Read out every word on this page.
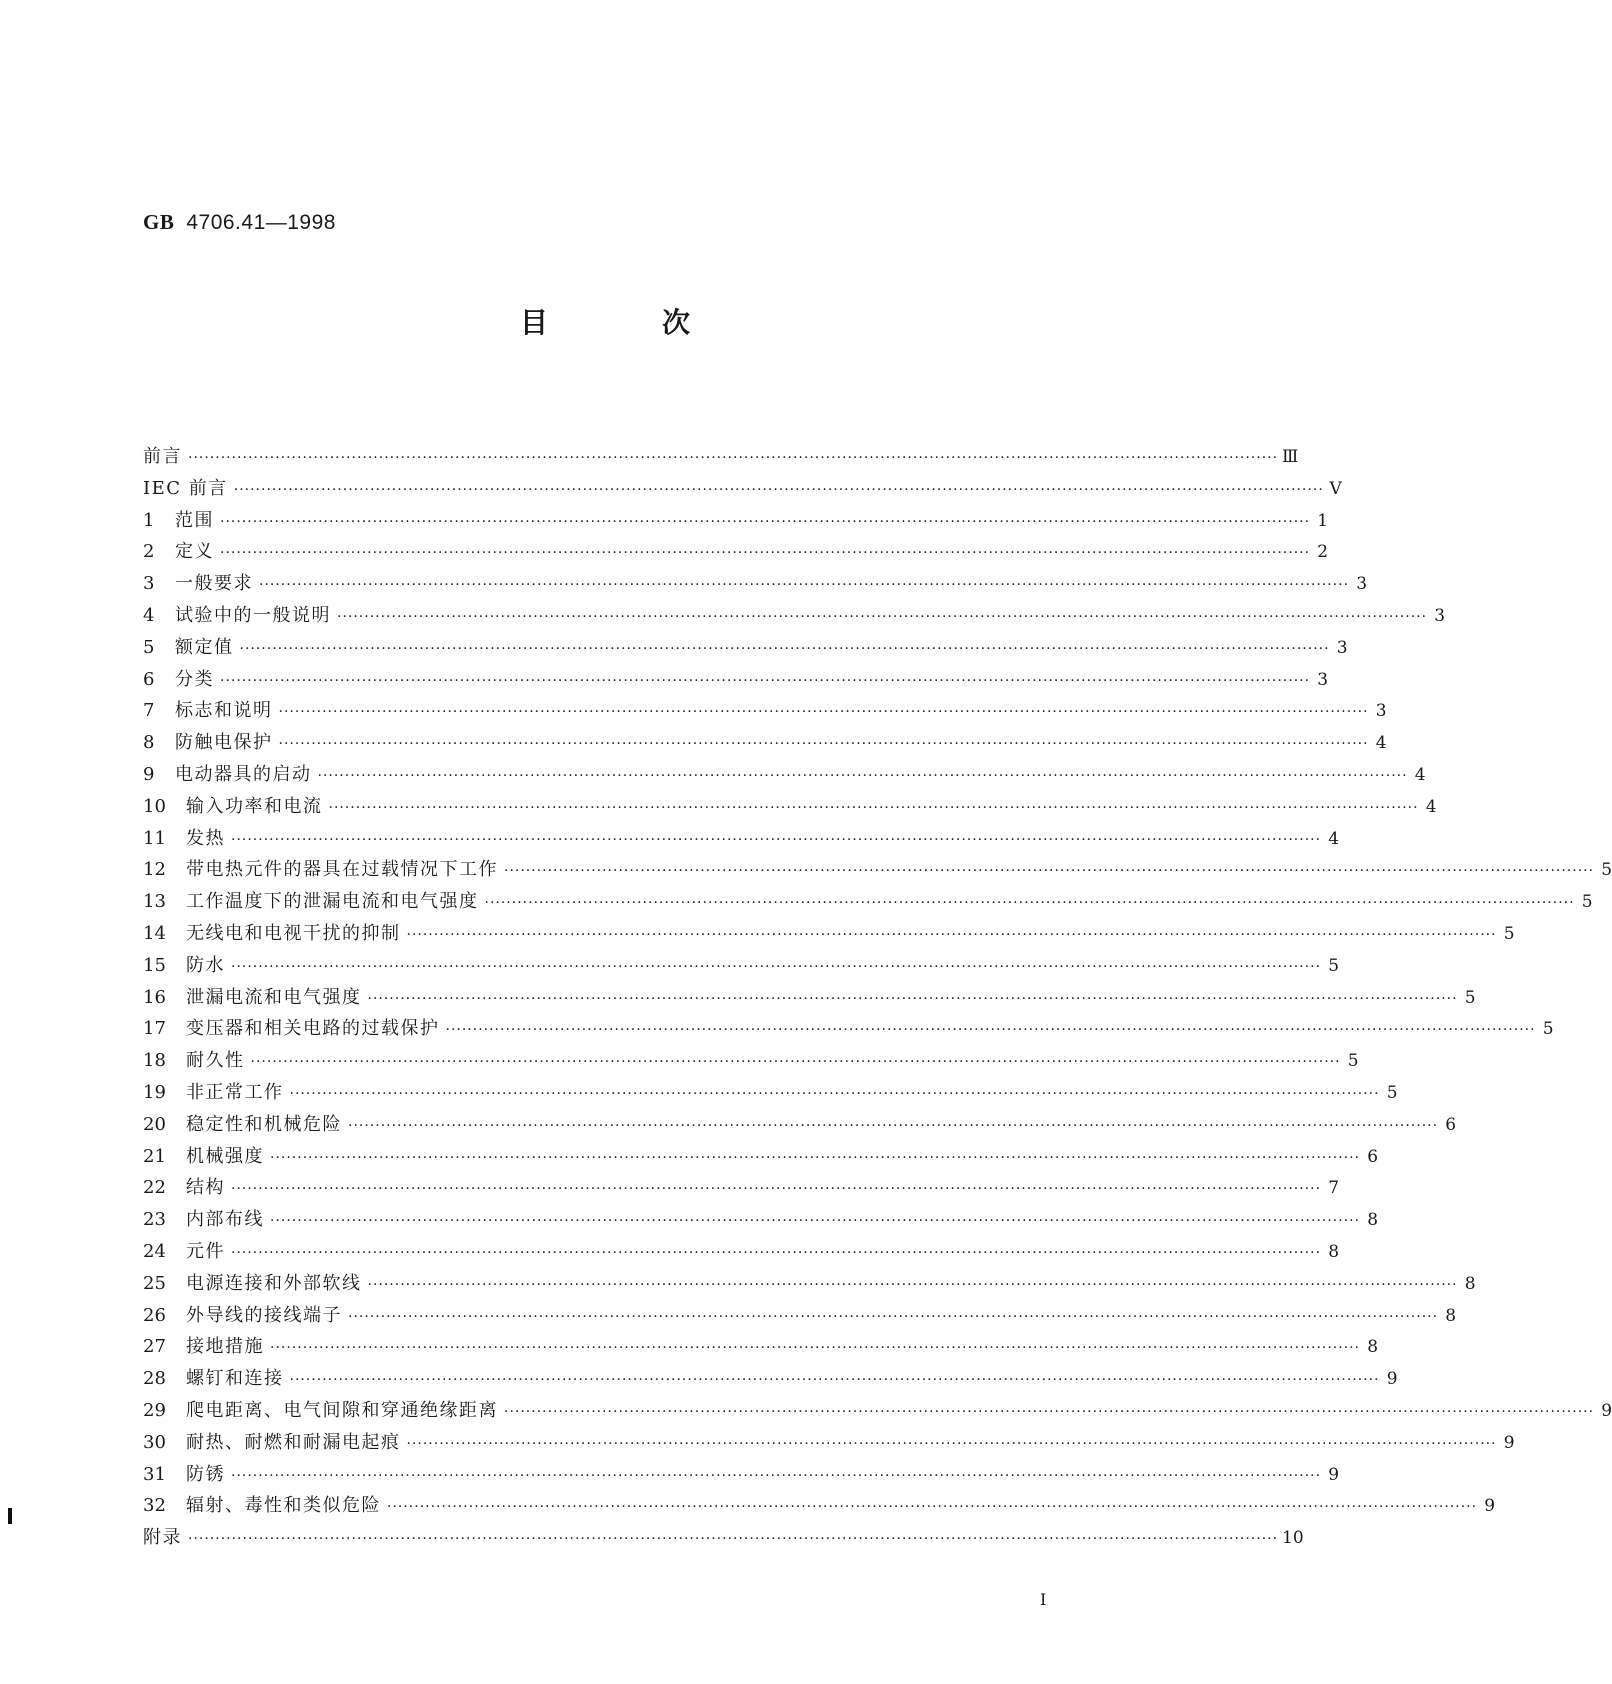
GB 4706.41—1998
目	次
前言 ········································································································································································································ Ⅲ
IEC 前言 ········································································································································································································ Ⅴ
1	范围 ········································································································································································································ 1
2	定义 ········································································································································································································ 2
3	一般要求 ········································································································································································································ 3
4	试验中的一般说明 ········································································································································································································ 3
5	额定值 ········································································································································································································ 3
6	分类 ········································································································································································································ 3
7	标志和说明 ········································································································································································································ 3
8	防触电保护 ········································································································································································································ 4
9	电动器具的启动 ········································································································································································································ 4
10	输入功率和电流 ········································································································································································································ 4
11	发热 ········································································································································································································ 4
12	带电热元件的器具在过载情况下工作 ········································································································································································································ 5
13	工作温度下的泄漏电流和电气强度 ········································································································································································································ 5
14	无线电和电视干扰的抑制 ········································································································································································································ 5
15	防水 ········································································································································································································ 5
16	泄漏电流和电气强度 ········································································································································································································ 5
17	变压器和相关电路的过载保护 ········································································································································································································ 5
18	耐久性 ········································································································································································································ 5
19	非正常工作 ········································································································································································································ 5
20	稳定性和机械危险 ········································································································································································································ 6
21	机械强度 ········································································································································································································ 6
22	结构 ········································································································································································································ 7
23	内部布线 ········································································································································································································ 8
24	元件 ········································································································································································································ 8
25	电源连接和外部软线 ········································································································································································································ 8
26	外导线的接线端子 ········································································································································································································ 8
27	接地措施 ········································································································································································································ 8
28	螺钉和连接 ········································································································································································································ 9
29	爬电距离、电气间隙和穿通绝缘距离 ········································································································································································································ 9
30	耐热、耐燃和耐漏电起痕 ········································································································································································································ 9
31	防锈 ········································································································································································································ 9
32	辐射、毒性和类似危险 ········································································································································································································ 9
附录 ········································································································································································································ 10
I
